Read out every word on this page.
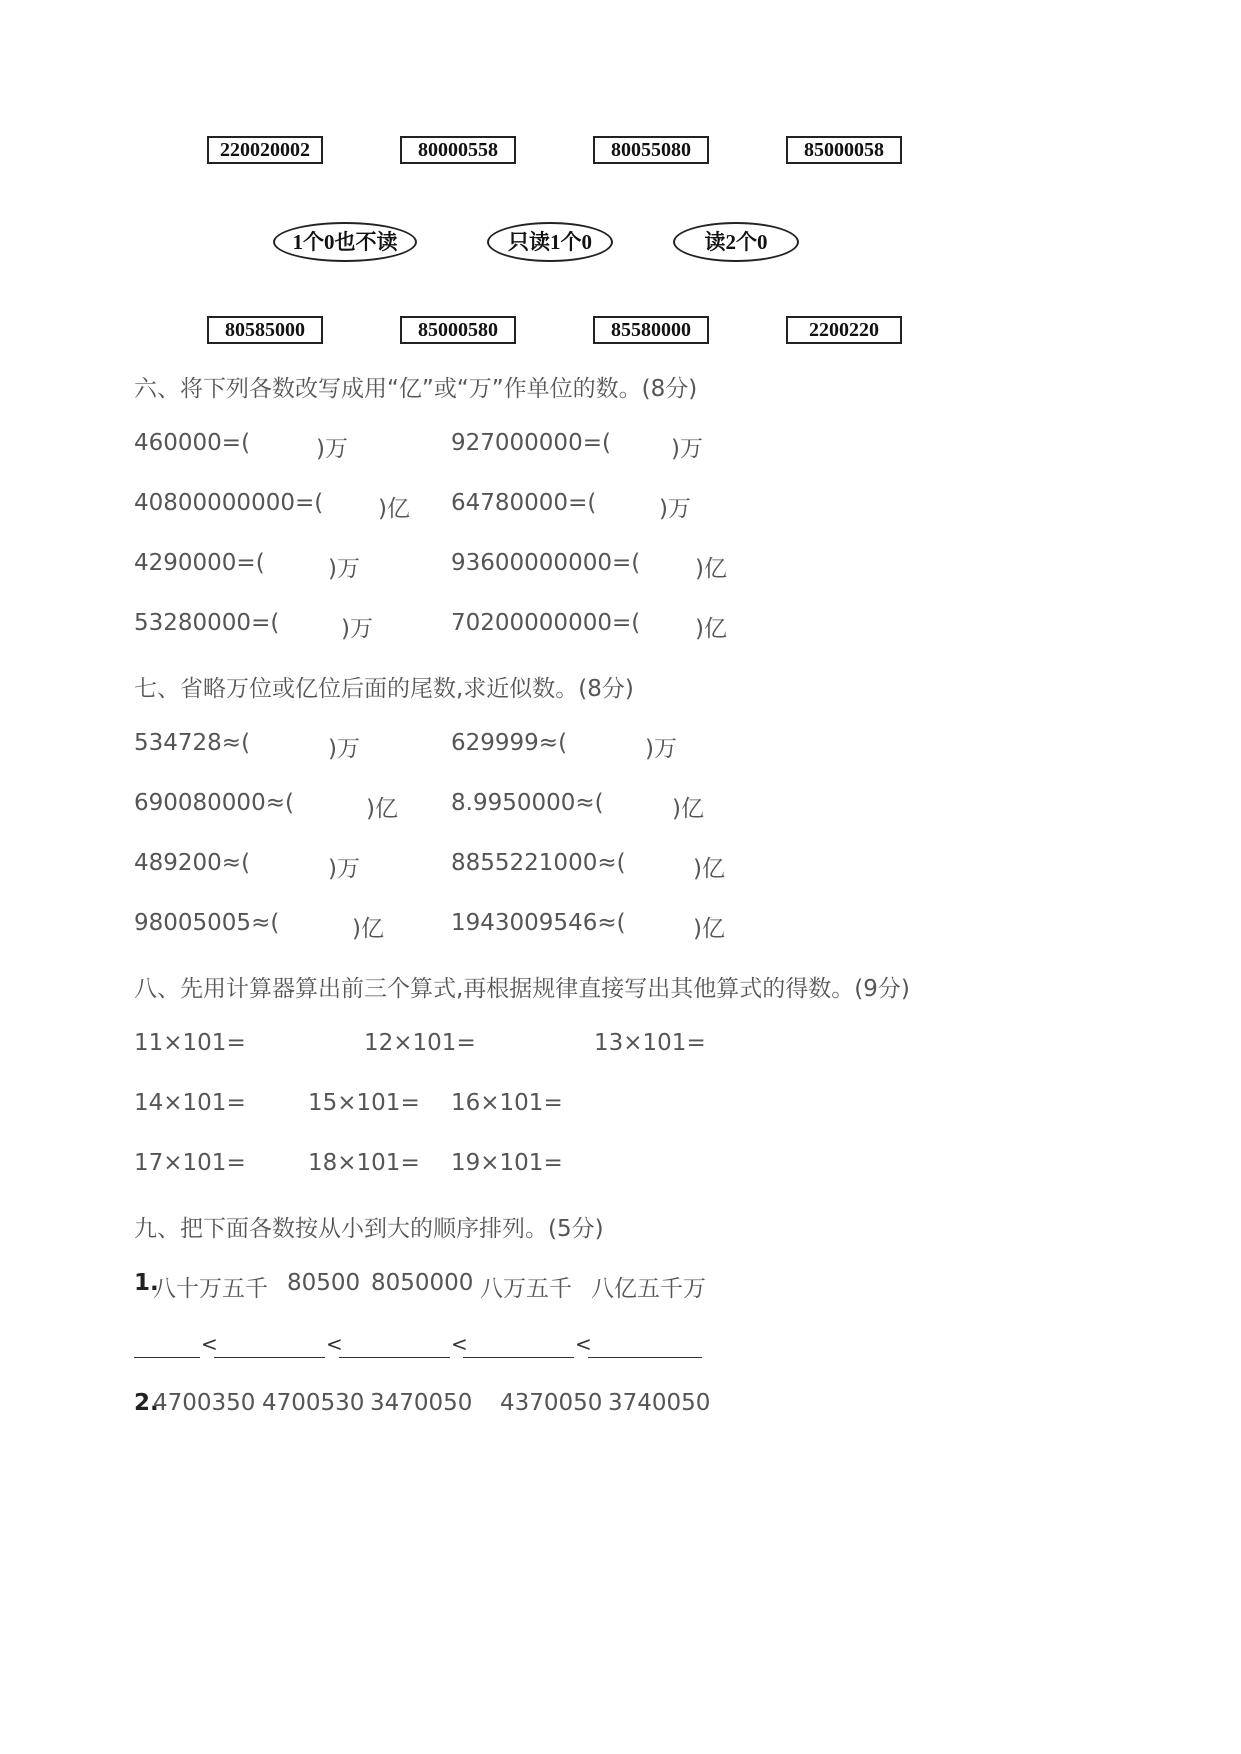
220020002	80000558	80055080	85000058
1个0也不读	只读1个0	读2个0
80585000	85000580	85580000	2200220
六、将下列各数改写成用“亿”或“万”作单位的数。(8分)
460000=(	)万	927000000=(	)万
40800000000=( )亿 64780000=(	)万
4290000=(	)万	93600000000=( )亿
53280000=(	)万	70200000000=( )亿
七、省略万位或亿位后面的尾数,求近似数。(8分)
534728≈(	)万	629999≈(	)万
690080000≈(	)亿 8.9950000≈(	)亿
489200≈(	)万	8855221000≈(	)亿
98005005≈(	)亿	1943009546≈(	)亿
八、先用计算器算出前三个算式,再根据规律直接写出其他算式的得数。(9分)
11×101=	12×101=	13×101=
14×101=	15×101= 16×101=
17×101=	18×101= 19×101=
九、把下面各数按从小到大的顺序排列。(5分)
1.
八十万五千 80500 8050000 八万五千 八亿五千万
<	<	<	<
2.
4700350 4700530 3470050 4370050 3740050
